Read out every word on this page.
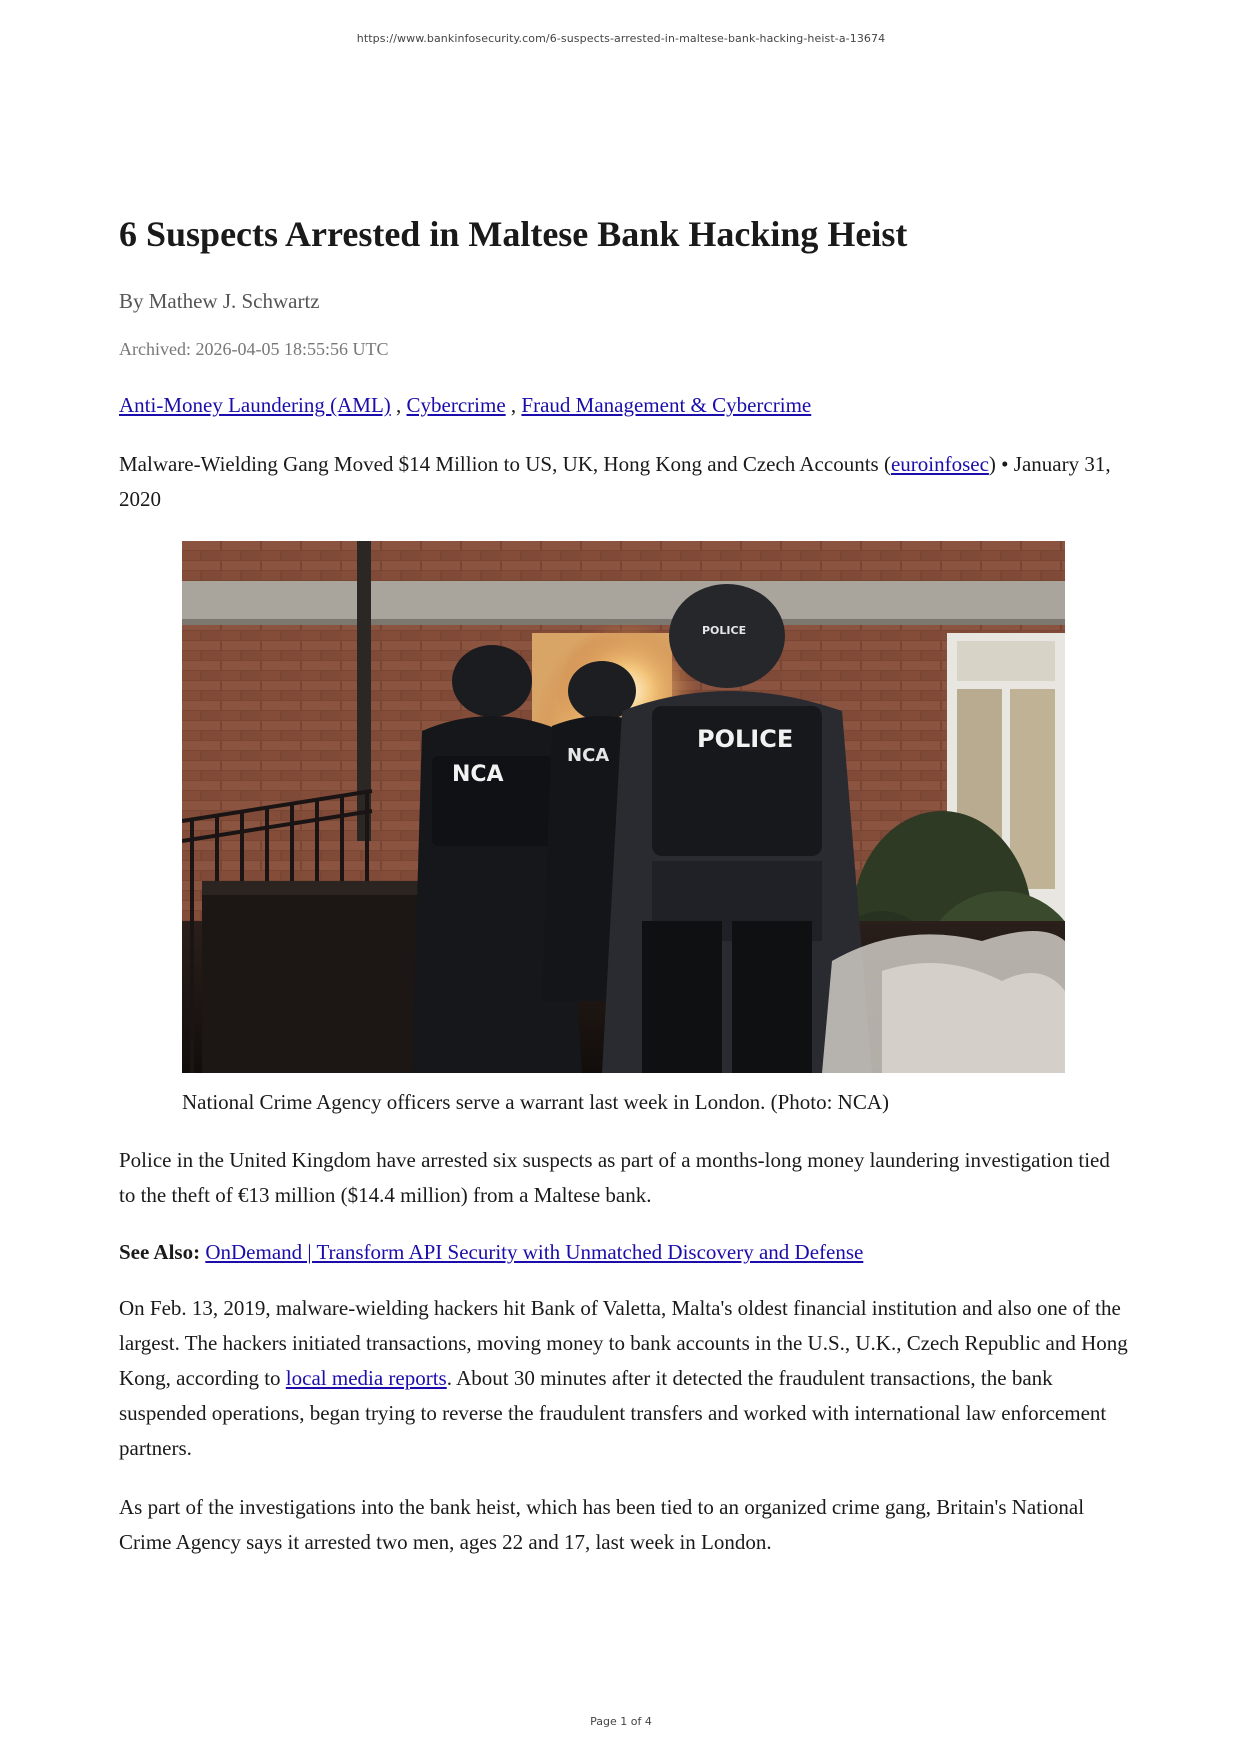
https://www.bankinfosecurity.com/6-suspects-arrested-in-maltese-bank-hacking-heist-a-13674
6 Suspects Arrested in Maltese Bank Hacking Heist
By Mathew J. Schwartz
Archived: 2026-04-05 18:55:56 UTC
Anti-Money Laundering (AML) , Cybercrime , Fraud Management & Cybercrime
Malware-Wielding Gang Moved $14 Million to US, UK, Hong Kong and Czech Accounts (euroinfosec) • January 31, 2020
NCA
NCA
POLICE
POLICE
National Crime Agency officers serve a warrant last week in London. (Photo: NCA)

Police in the United Kingdom have arrested six suspects as part of a months-long money laundering investigation tied to the theft of €13 million ($14.4 million) from a Maltese bank.

See Also: OnDemand | Transform API Security with Unmatched Discovery and Defense

On Feb. 13, 2019, malware-wielding hackers hit Bank of Valetta, Malta's oldest financial institution and also one of the largest. The hackers initiated transactions, moving money to bank accounts in the U.S., U.K., Czech Republic and Hong Kong, according to local media reports. About 30 minutes after it detected the fraudulent transactions, the bank suspended operations, began trying to reverse the fraudulent transfers and worked with international law enforcement partners.

As part of the investigations into the bank heist, which has been tied to an organized crime gang, Britain's National Crime Agency says it arrested two men, ages 22 and 17, last week in London.

Page 1 of 4
